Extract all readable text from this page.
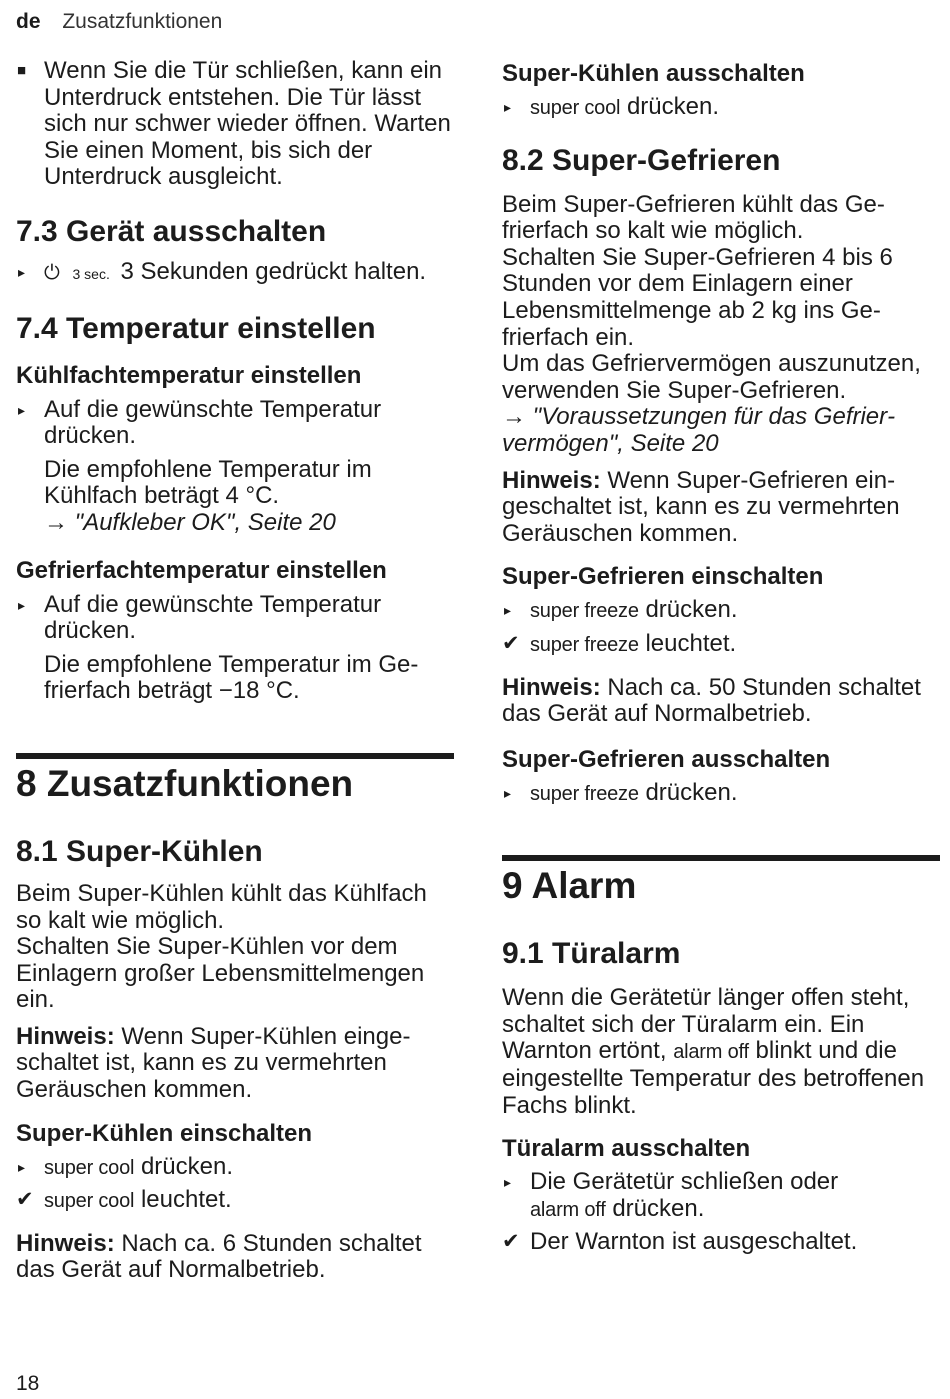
de Zusatzfunktionen
■ Wenn Sie die Tür schließen, kann ein Unterdruck entstehen. Die Tür lässt sich nur schwer wieder öffnen. Warten Sie einen Moment, bis sich der Unterdruck ausgleicht.
7.3 Gerät ausschalten
▸ ⏻ 3 sec. 3 Sekunden gedrückt halten.
7.4 Temperatur einstellen
Kühlfachtemperatur einstellen
▸ Auf die gewünschte Temperatur drücken.
Die empfohlene Temperatur im Kühlfach beträgt 4 °C.
→ "Aufkleber OK", Seite 20
Gefrierfachtemperatur einstellen
▸ Auf die gewünschte Temperatur drücken.
Die empfohlene Temperatur im Gefrierfach beträgt −18 °C.
8 Zusatzfunktionen
8.1 Super-Kühlen

Beim Super-Kühlen kühlt das Kühlfach so kalt wie möglich.

Schalten Sie Super-Kühlen vor dem Einlagern großer Lebensmittelmengen ein.

Hinweis: Wenn Super-Kühlen eingeschaltet ist, kann es zu vermehrten Geräuschen kommen.

Super-Kühlen einschalten
▸ super cool drücken.
✔ super cool leuchtet.

Hinweis: Nach ca. 6 Stunden schaltet das Gerät auf Normalbetrieb.

Super-Kühlen ausschalten
▸ super cool drücken.
8.2 Super-Gefrieren

Beim Super-Gefrieren kühlt das Gefrierfach so kalt wie möglich.

Schalten Sie Super-Gefrieren 4 bis 6 Stunden vor dem Einlagern einer Lebensmittelmenge ab 2 kg ins Gefrierfach ein.

Um das Gefriervermögen auszunutzen, verwenden Sie Super-Gefrieren.

→ "Voraussetzungen für das Gefriervermögen", Seite 20

Hinweis: Wenn Super-Gefrieren eingeschaltet ist, kann es zu vermehrten Geräuschen kommen.

Super-Gefrieren einschalten
▸ super freeze drücken.
✔ super freeze leuchtet.

Hinweis: Nach ca. 50 Stunden schaltet das Gerät auf Normalbetrieb.

Super-Gefrieren ausschalten
▸ super freeze drücken.
9 Alarm
9.1 Türalarm

Wenn die Gerätetür länger offen steht, schaltet sich der Türalarm ein. Ein Warnton ertönt, alarm off blinkt und die eingestellte Temperatur des betroffenen Fachs blinkt.

Türalarm ausschalten
▸ Die Gerätetür schließen oder
alarm off drücken.
✔ Der Warnton ist ausgeschaltet.
18
